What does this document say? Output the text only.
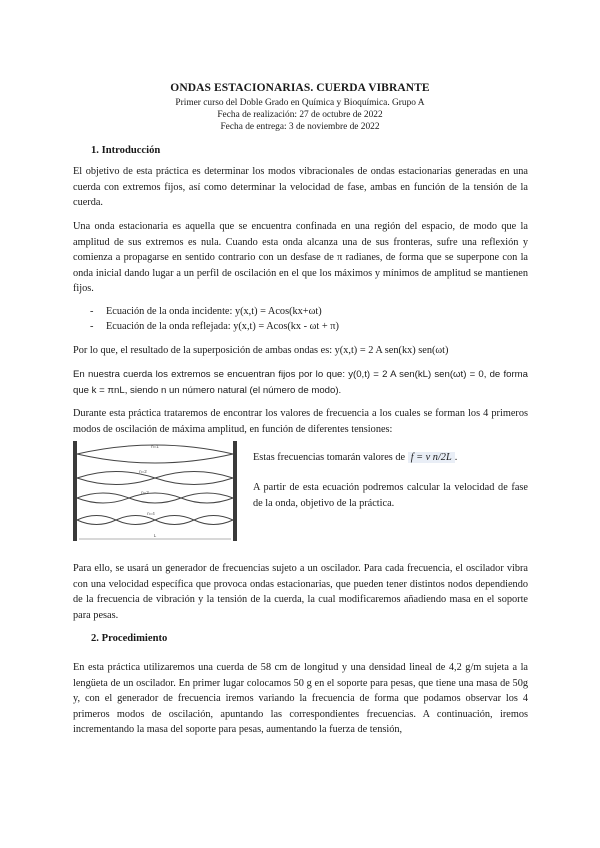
ONDAS ESTACIONARIAS. CUERDA VIBRANTE
Primer curso del Doble Grado en Química y Bioquímica. Grupo A
Fecha de realización: 27 de octubre de 2022
Fecha de entrega: 3 de noviembre de 2022
1. Introducción
El objetivo de esta práctica es determinar los modos vibracionales de ondas estacionarias generadas en una cuerda con extremos fijos, así como determinar la velocidad de fase, ambas en función de la tensión de la cuerda.
Una onda estacionaria es aquella que se encuentra confinada en una región del espacio, de modo que la amplitud de sus extremos es nula. Cuando esta onda alcanza una de sus fronteras, sufre una reflexión y comienza a propagarse en sentido contrario con un desfase de π radianes, de forma que se superpone con la onda inicial dando lugar a un perfil de oscilación en el que los máximos y mínimos de amplitud se mantienen fijos.
- Ecuación de la onda incidente: y(x,t) = Acos(kx+ωt)
- Ecuación de la onda reflejada: y(x,t) = Acos(kx - ωt + π)
Por lo que, el resultado de la superposición de ambas ondas es: y(x,t) = 2 A sen(kx) sen(ωt)
En nuestra cuerda los extremos se encuentran fijos por lo que: y(0,t) = 2 A sen(kL) sen(ωt) = 0, de forma que k = πnL, siendo n un número natural (el número de modo).
Durante esta práctica trataremos de encontrar los valores de frecuencia a los cuales se forman los 4 primeros modos de oscilación de máxima amplitud, en función de diferentes tensiones:
n=1
n=2
n=3
n=4
L
Estas frecuencias tomarán valores de f = v n/2L .
A partir de esta ecuación podremos calcular la velocidad de fase de la onda, objetivo de la práctica.
Para ello, se usará un generador de frecuencias sujeto a un oscilador. Para cada frecuencia, el oscilador vibra con una velocidad específica que provoca ondas estacionarias, que pueden tener distintos nodos dependiendo de la frecuencia de vibración y la tensión de la cuerda, la cual modificaremos añadiendo masa en el soporte para pesas.
2. Procedimiento
En esta práctica utilizaremos una cuerda de 58 cm de longitud y una densidad lineal de 4,2 g/m sujeta a la lengüeta de un oscilador. En primer lugar colocamos 50 g en el soporte para pesas, que tiene una masa de 50g y, con el generador de frecuencia iremos variando la frecuencia de forma que podamos observar los 4 primeros modos de oscilación, apuntando las correspondientes frecuencias. A continuación, iremos incrementando la masa del soporte para pesas, aumentando la fuerza de tensión,
